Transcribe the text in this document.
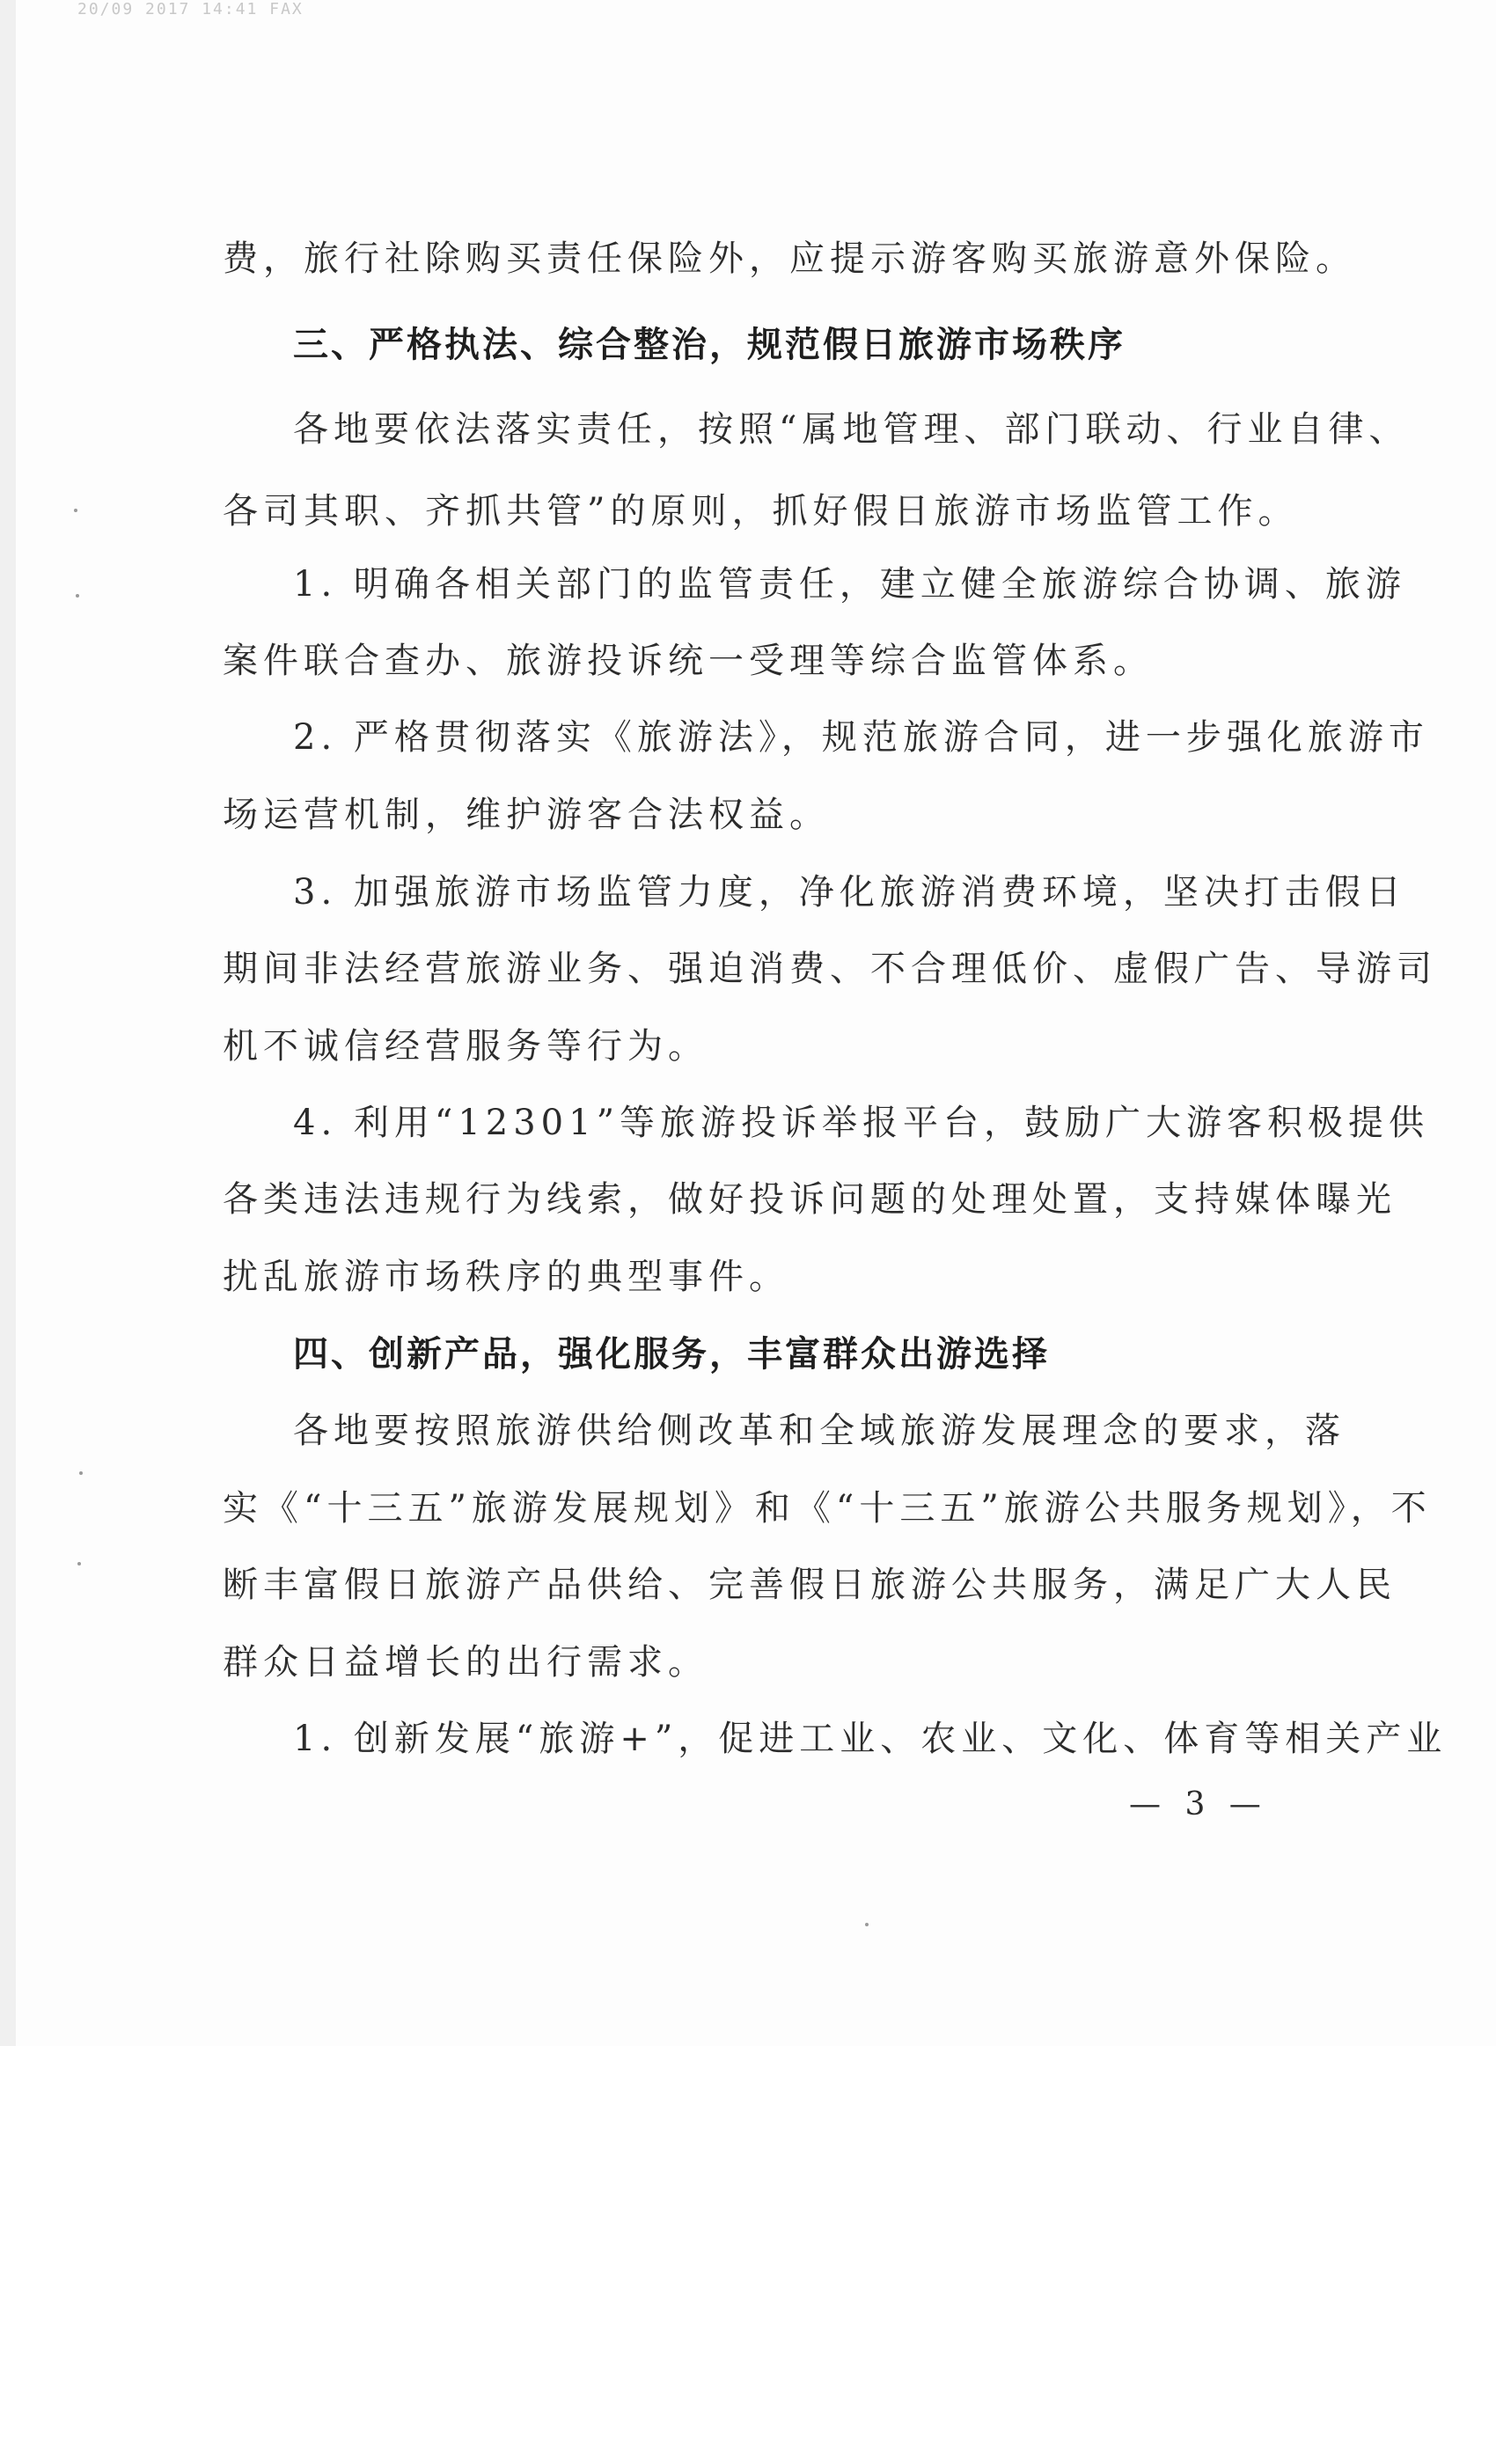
20/09 2017 14:41 FAX
费，旅行社除购买责任保险外，应提示游客购买旅游意外保险。
三、严格执法、综合整治，规范假日旅游市场秩序
各地要依法落实责任，按照“属地管理、部门联动、行业自律、
各司其职、齐抓共管”的原则，抓好假日旅游市场监管工作。
1. 明确各相关部门的监管责任，建立健全旅游综合协调、旅游
案件联合查办、旅游投诉统一受理等综合监管体系。
2. 严格贯彻落实《旅游法》，规范旅游合同，进一步强化旅游市
场运营机制，维护游客合法权益。
3. 加强旅游市场监管力度，净化旅游消费环境，坚决打击假日
期间非法经营旅游业务、强迫消费、不合理低价、虚假广告、导游司
机不诚信经营服务等行为。
4. 利用“12301”等旅游投诉举报平台，鼓励广大游客积极提供
各类违法违规行为线索，做好投诉问题的处理处置，支持媒体曝光
扰乱旅游市场秩序的典型事件。
四、创新产品，强化服务，丰富群众出游选择
各地要按照旅游供给侧改革和全域旅游发展理念的要求，落
实《“十三五”旅游发展规划》和《“十三五”旅游公共服务规划》，不
断丰富假日旅游产品供给、完善假日旅游公共服务，满足广大人民
群众日益增长的出行需求。
1. 创新发展“旅游+”，促进工业、农业、文化、体育等相关产业
— 3 —
